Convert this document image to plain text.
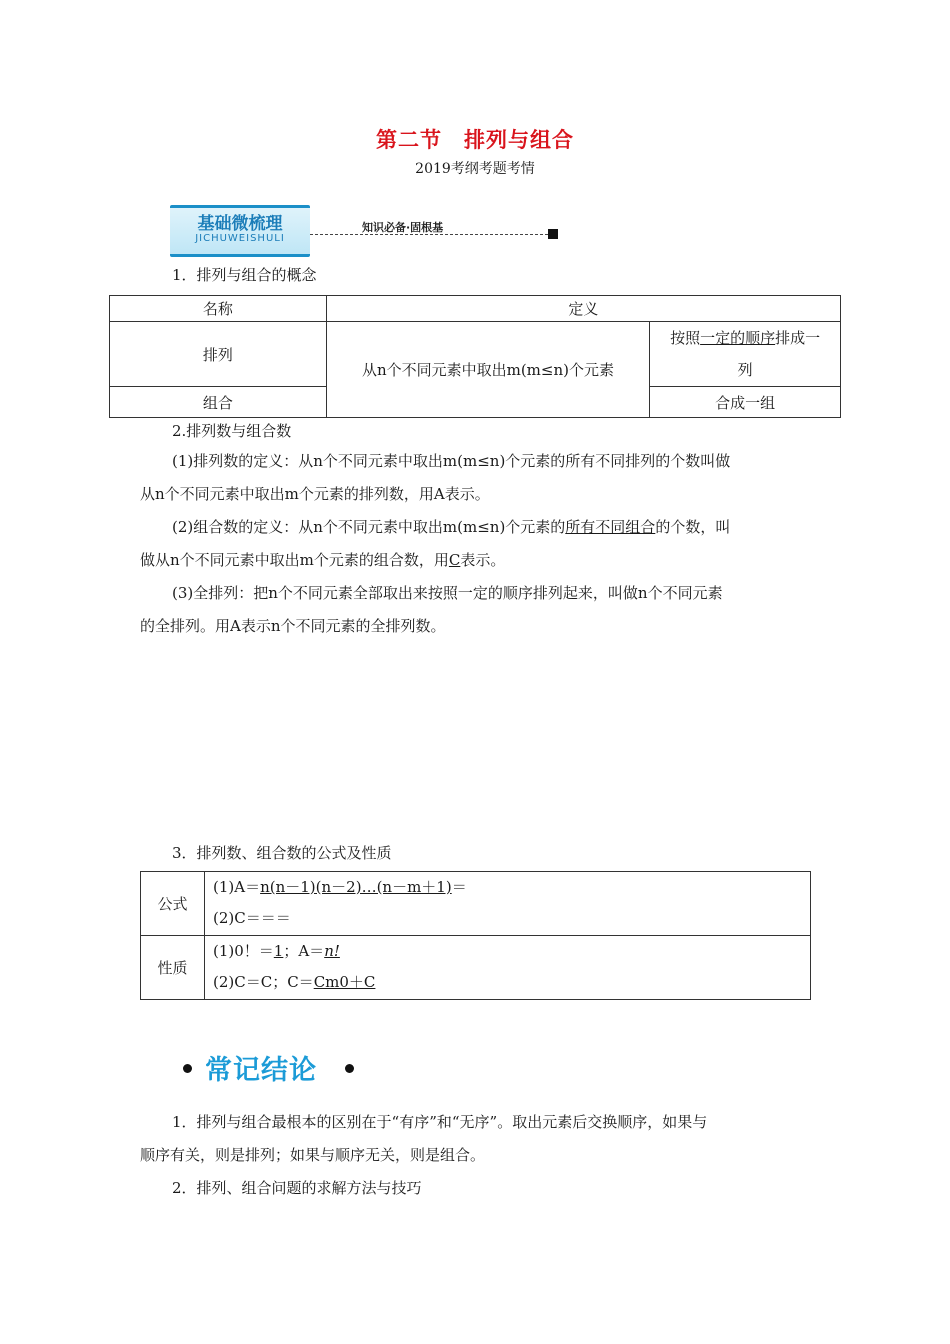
第二节　排列与组合
2019考纲考题考情
基础微梳理
JICHUWEISHULI
知识必备·固根基
1．排列与组合的概念
名称	定义	
排列	从n个不同元素中取出m(m≤n)个元素	按照一定的顺序排成一
列
组合		合成一组
2.排列数与组合数
(1)排列数的定义：从n个不同元素中取出m(m≤n)个元素的所有不同排列的个数叫做
从n个不同元素中取出m个元素的排列数，用A表示。
(2)组合数的定义：从n个不同元素中取出m(m≤n)个元素的所有不同组合的个数，叫
做从n个不同元素中取出m个元素的组合数，用C表示。
(3)全排列：把n个不同元素全部取出来按照一定的顺序排列起来，叫做n个不同元素
的全排列。用A表示n个不同元素的全排列数。
3．排列数、组合数的公式及性质
公式	(1)A＝n(n－1)(n－2)…(n－m＋1)＝
(2)C＝＝＝

性质	(1)0！＝1；A＝n!
(2)C＝C；C＝Cm0＋C
常记结论
1．排列与组合最根本的区别在于“有序”和“无序”。取出元素后交换顺序，如果与
顺序有关，则是排列；如果与顺序无关，则是组合。
2．排列、组合问题的求解方法与技巧
